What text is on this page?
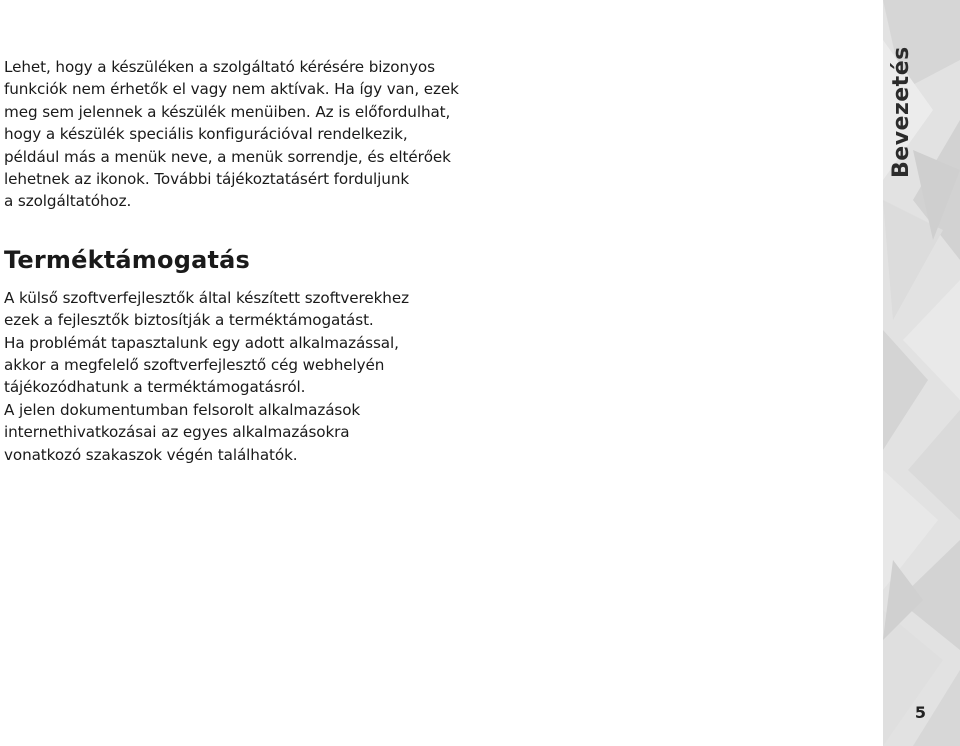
Lehet, hogy a készüléken a szolgáltató kérésére bizonyos
funkciók nem érhetők el vagy nem aktívak. Ha így van, ezek
meg sem jelennek a készülék menüiben. Az is előfordulhat,
hogy a készülék speciális konfigurációval rendelkezik,
például más a menük neve, a menük sorrendje, és eltérőek
lehetnek az ikonok. További tájékoztatásért forduljunk
a szolgáltatóhoz.

Terméktámogatás

A külső szoftverfejlesztők által készített szoftverekhez
ezek a fejlesztők biztosítják a terméktámogatást.
Ha problémát tapasztalunk egy adott alkalmazással,
akkor a megfelelő szoftverfejlesztő cég webhelyén
tájékozódhatunk a terméktámogatásról.
A jelen dokumentumban felsorolt alkalmazások
internethivatkozásai az egyes alkalmazásokra
vonatkozó szakaszok végén találhatók.

Bevezetés
5
